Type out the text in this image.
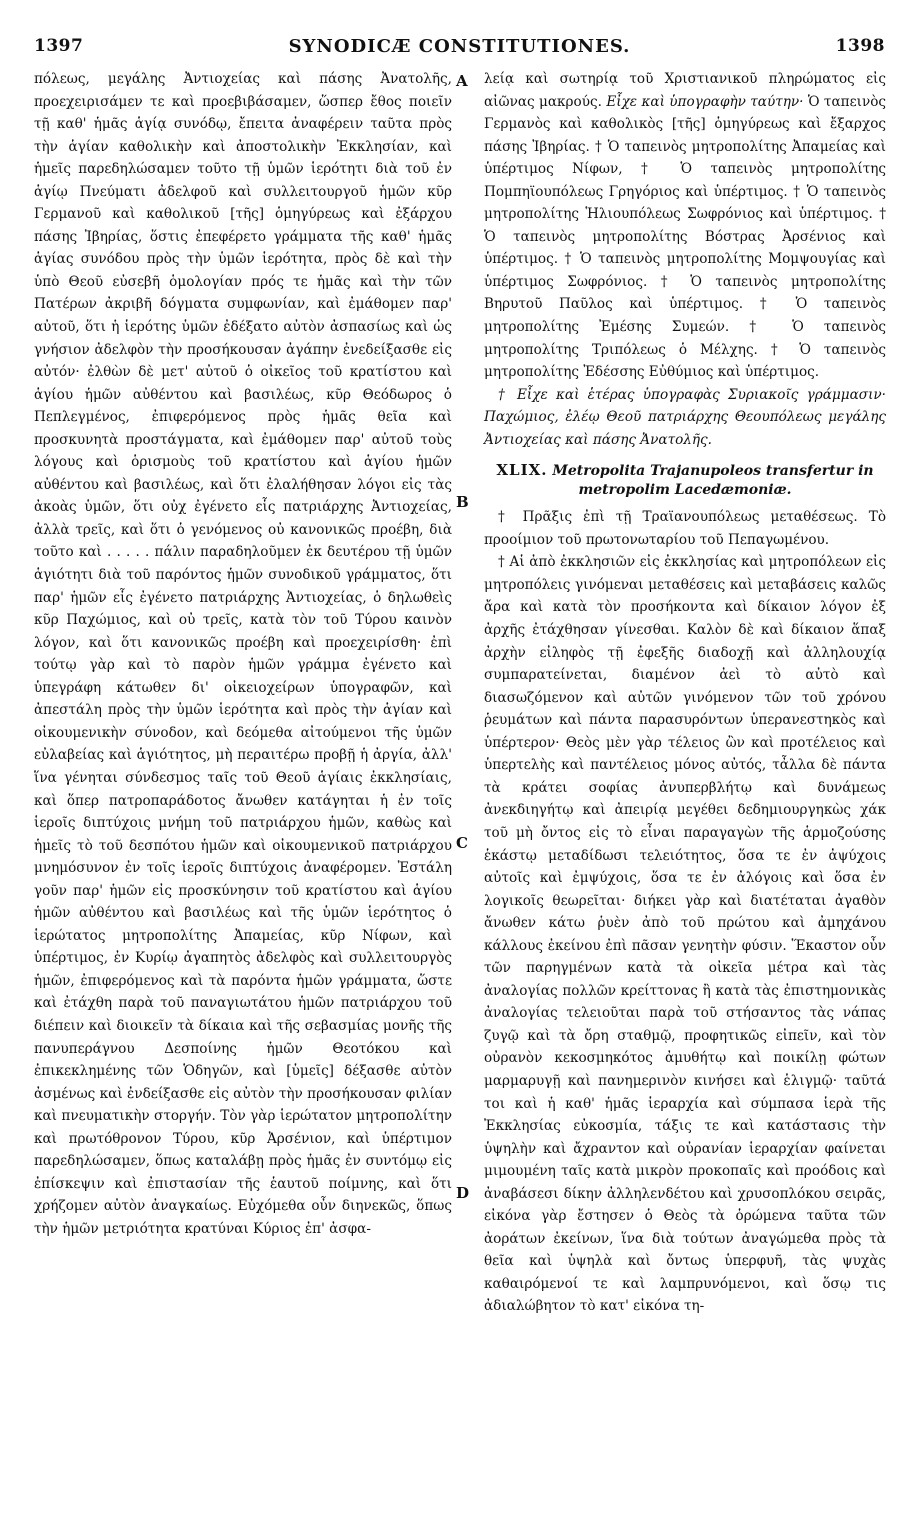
1397	SYNODICÆ CONSTITUTIONES.	1398

πόλεως, μεγάλης Ἀντιοχείας καὶ πάσης Ἀνατολῆς, προεχειρισάμεν τε καὶ προεβιβάσαμεν, ὥσπερ ἔθος ποιεῖν τῇ καθ' ἡμᾶς ἁγίᾳ συνόδῳ, ἔπειτα ἀναφέρειν ταῦτα πρὸς τὴν ἁγίαν καθολικὴν καὶ ἀποστολικὴν Ἐκκλησίαν, καὶ ἡμεῖς παρεδηλώσαμεν τοῦτο τῇ ὑμῶν ἱερότητι διὰ τοῦ ἐν ἁγίῳ Πνεύματι ἀδελφοῦ καὶ συλλειτουργοῦ ἡμῶν κῦρ Γερμανοῦ καὶ καθολικοῦ [τῆς] ὁμηγύρεως καὶ ἐξάρχου πάσης Ἰβηρίας, ὅστις ἐπεφέρετο γράμματα τῆς καθ' ἡμᾶς ἁγίας συνόδου πρὸς τὴν ὑμῶν ἱερότητα, πρὸς δὲ καὶ τὴν ὑπὸ Θεοῦ εὐσεβῆ ὁμολογίαν πρός τε ἡμᾶς καὶ τὴν τῶν Πατέρων ἀκριβῆ δόγματα συμφωνίαν, καὶ ἐμάθομεν παρ' αὐτοῦ, ὅτι ἡ ἱερότης ὑμῶν ἐδέξατο αὐτὸν ἀσπασίως καὶ ὡς γνήσιον ἀδελφὸν τὴν προσήκουσαν ἀγάπην ἐνεδείξασθε εἰς αὐτόν· ἐλθὼν δὲ μετ' αὐτοῦ ὁ οἰκεῖος τοῦ κρατίστου καὶ ἁγίου ἡμῶν αὐθέντου καὶ βασιλέως, κῦρ Θεόδωρος ὁ Πεπλεγμένος, ἐπιφερόμενος πρὸς ἡμᾶς θεῖα καὶ προσκυνητὰ προστάγματα, καὶ ἐμάθομεν παρ' αὐτοῦ τοὺς λόγους καὶ ὁρισμοὺς τοῦ κρατίστου καὶ ἁγίου ἡμῶν αὐθέντου καὶ βασιλέως, καὶ ὅτι ἐλαλήθησαν λόγοι εἰς τὰς ἀκοὰς ὑμῶν, ὅτι οὐχ ἐγένετο εἷς πατριάρχης Ἀντιοχείας, ἀλλὰ τρεῖς, καὶ ὅτι ὁ γενόμενος οὐ κανονικῶς προέβη, διὰ τοῦτο καὶ . . . . . πάλιν παραδηλοῦμεν ἐκ δευτέρου τῇ ὑμῶν ἁγιότητι διὰ τοῦ παρόντος ἡμῶν συνοδικοῦ γράμματος, ὅτι παρ' ἡμῶν εἷς ἐγένετο πατριάρχης Ἀντιοχείας, ὁ δηλωθεὶς κῦρ Παχώμιος, καὶ οὐ τρεῖς, κατὰ τὸν τοῦ Τύρου καινὸν λόγον, καὶ ὅτι κανονικῶς προέβη καὶ προεχειρίσθη· ἐπὶ τούτῳ γὰρ καὶ τὸ παρὸν ἡμῶν γράμμα ἐγένετο καὶ ὑπεγράφη κάτωθεν δι' οἰκειοχείρων ὑπογραφῶν, καὶ ἀπεστάλη πρὸς τὴν ὑμῶν ἱερότητα καὶ πρὸς τὴν ἁγίαν καὶ οἰκουμενικὴν σύνοδον, καὶ δεόμεθα αἰτούμενοι τῆς ὑμῶν εὐλαβείας καὶ ἁγιότητος, μὴ περαιτέρω προβῇ ἡ ἀργία, ἀλλ' ἵνα γένηται σύνδεσμος ταῖς τοῦ Θεοῦ ἁγίαις ἐκκλησίαις, καὶ ὅπερ πατροπαράδοτος ἄνωθεν κατάγηται ἡ ἐν τοῖς ἱεροῖς διπτύχοις μνήμη τοῦ πατριάρχου ἡμῶν, καθὼς καὶ ἡμεῖς τὸ τοῦ δεσπότου ἡμῶν καὶ οἰκουμενικοῦ πατριάρχου μνημόσυνον ἐν τοῖς ἱεροῖς διπτύχοις ἀναφέρομεν. Ἐστάλη γοῦν παρ' ἡμῶν εἰς προσκύνησιν τοῦ κρατίστου καὶ ἁγίου ἡμῶν αὐθέντου καὶ βασιλέως καὶ τῆς ὑμῶν ἱερότητος ὁ ἱερώτατος μητροπολίτης Ἀπαμείας, κῦρ Νίφων, καὶ ὑπέρτιμος, ἐν Κυρίῳ ἀγαπητὸς ἀδελφὸς καὶ συλλειτουργὸς ἡμῶν, ἐπιφερόμενος καὶ τὰ παρόντα ἡμῶν γράμματα, ὥστε καὶ ἐτάχθη παρὰ τοῦ παναγιωτάτου ἡμῶν πατριάρχου τοῦ διέπειν καὶ διοικεῖν τὰ δίκαια καὶ τῆς σεβασμίας μονῆς τῆς πανυπεράγνου Δεσποίνης ἡμῶν Θεοτόκου καὶ ἐπικεκλημένης τῶν Ὁδηγῶν, καὶ [ὑμεῖς] δέξασθε αὐτὸν ἀσμένως καὶ ἐνδείξασθε εἰς αὐτὸν τὴν προσήκουσαν φιλίαν καὶ πνευματικὴν στοργήν. Τὸν γὰρ ἱερώτατον μητροπολίτην καὶ πρωτόθρονον Τύρου, κῦρ Ἀρσένιον, καὶ ὑπέρτιμον παρεδηλώσαμεν, ὅπως καταλάβῃ πρὸς ἡμᾶς ἐν συντόμῳ εἰς ἐπίσκεψιν καὶ ἐπιστασίαν τῆς ἑαυτοῦ ποίμνης, καὶ ὅτι χρήζομεν αὐτὸν ἀναγκαίως. Εὐχόμεθα οὖν διηνεκῶς, ὅπως τὴν ἡμῶν μετριότητα κρατύναι Κύριος ἐπ' ἀσφα-

A
B
C
D

λείᾳ καὶ σωτηρίᾳ τοῦ Χριστιανικοῦ πληρώματος εἰς αἰῶνας μακρούς. Εἶχε καὶ ὑπογραφὴν ταύτην· Ὁ ταπεινὸς Γερμανὸς καὶ καθολικὸς [τῆς] ὁμηγύρεως καὶ ἔξαρχος πάσης Ἰβηρίας. † Ὁ ταπεινὸς μητροπολίτης Ἀπαμείας καὶ ὑπέρτιμος Νίφων, † Ὁ ταπεινὸς μητροπολίτης Πομπηϊουπόλεως Γρηγόριος καὶ ὑπέρτιμος. † Ὁ ταπεινὸς μητροπολίτης Ἡλιουπόλεως Σωφρόνιος καὶ ὑπέρτιμος. † Ὁ ταπεινὸς μητροπολίτης Βόστρας Ἀρσένιος καὶ ὑπέρτιμος. † Ὁ ταπεινὸς μητροπολίτης Μομψουγίας καὶ ὑπέρτιμος Σωφρόνιος. † Ὁ ταπεινὸς μητροπολίτης Βηρυτοῦ Παῦλος καὶ ὑπέρτιμος. † Ὁ ταπεινὸς μητροπολίτης Ἐμέσης Συμεών. † Ὁ ταπεινὸς μητροπολίτης Τριπόλεως ὁ Μέλχης. † Ὁ ταπεινὸς μητροπολίτης Ἐδέσσης Εὐθύμιος καὶ ὑπέρτιμος.

† Εἶχε καὶ ἑτέρας ὑπογραφὰς Συριακοῖς γράμμασιν· Παχώμιος, ἐλέῳ Θεοῦ πατριάρχης Θεουπόλεως μεγάλης Ἀντιοχείας καὶ πάσης Ἀνατολῆς.

XLIX. Metropolita Trajanupoleos transfertur in metropolim Lacedæmoniæ.

† Πρᾶξις ἐπὶ τῇ Τραϊανουπόλεως μεταθέσεως. Τὸ προοίμιον τοῦ πρωτονωταρίου τοῦ Πεπαγωμένου.

† Αἱ ἀπὸ ἐκκλησιῶν εἰς ἐκκλησίας καὶ μητροπόλεων εἰς μητροπόλεις γινόμεναι μεταθέσεις καὶ μεταβάσεις καλῶς ἄρα καὶ κατὰ τὸν προσήκοντα καὶ δίκαιον λόγον ἐξ ἀρχῆς ἐτάχθησαν γίνεσθαι. Καλὸν δὲ καὶ δίκαιον ἅπαξ ἀρχὴν εἰληφὸς τῇ ἐφεξῆς διαδοχῇ καὶ ἀλληλουχίᾳ συμπαρατείνεται, διαμένον ἀεὶ τὸ αὐτὸ καὶ διασωζόμενον καὶ αὐτῶν γινόμενον τῶν τοῦ χρόνου ῥευμάτων καὶ πάντα παρασυρόντων ὑπερανεστηκὸς καὶ ὑπέρτερον· Θεὸς μὲν γὰρ τέλειος ὢν καὶ προτέλειος καὶ ὑπερτελὴς καὶ παντέλειος μόνος αὐτός, τἆλλα δὲ πάντα τὰ κράτει σοφίας ἀνυπερβλήτῳ καὶ δυνάμεως ἀνεκδιηγήτῳ καὶ ἀπειρίᾳ μεγέθει δεδημιουργηκὼς χάκ τοῦ μὴ ὄντος εἰς τὸ εἶναι παραγαγὼν τῆς ἁρμοζούσης ἑκάστῳ μεταδίδωσι τελειότητος, ὅσα τε ἐν ἀψύχοις αὐτοῖς καὶ ἐμψύχοις, ὅσα τε ἐν ἀλόγοις καὶ ὅσα ἐν λογικοῖς θεωρεῖται· διήκει γὰρ καὶ διατέταται ἀγαθὸν ἄνωθεν κάτω ῥυὲν ἀπὸ τοῦ πρώτου καὶ ἀμηχάνου κάλλους ἐκείνου ἐπὶ πᾶσαν γενητὴν φύσιν. Ἕκαστον οὖν τῶν παρηγμένων κατὰ τὰ οἰκεῖα μέτρα καὶ τὰς ἀναλογίας πολλῶν κρείττονας ἢ κατὰ τὰς ἐπιστημονικὰς ἀναλογίας τελειοῦται παρὰ τοῦ στήσαντος τὰς νάπας ζυγῷ καὶ τὰ ὄρη σταθμῷ, προφητικῶς εἰπεῖν, καὶ τὸν οὐρανὸν κεκοσμηκότος ἀμυθήτῳ καὶ ποικίλῃ φώτων μαρμαρυγῇ καὶ πανημερινὸν κινήσει καὶ ἑλιγμῷ· ταῦτά τοι καὶ ἡ καθ' ἡμᾶς ἱεραρχία καὶ σύμπασα ἱερὰ τῆς Ἐκκλησίας εὐκοσμία, τάξις τε καὶ κατάστασις τὴν ὑψηλὴν καὶ ἄχραντον καὶ οὐρανίαν ἱεραρχίαν φαίνεται μιμουμένη ταῖς κατὰ μικρὸν προκοπαῖς καὶ προόδοις καὶ ἀναβάσεσι δίκην ἀλληλενδέτου καὶ χρυσοπλόκου σειρᾶς, εἰκόνα γὰρ ἔστησεν ὁ Θεὸς τὰ ὁρώμενα ταῦτα τῶν ἀοράτων ἐκείνων, ἵνα διὰ τούτων ἀναγώμεθα πρὸς τὰ θεῖα καὶ ὑψηλὰ καὶ ὄντως ὑπερφυῆ, τὰς ψυχὰς καθαιρόμενοί τε καὶ λαμπρυνόμενοι, καὶ ὅσῳ τις ἀδιαλώβητον τὸ κατ' εἰκόνα τη-
